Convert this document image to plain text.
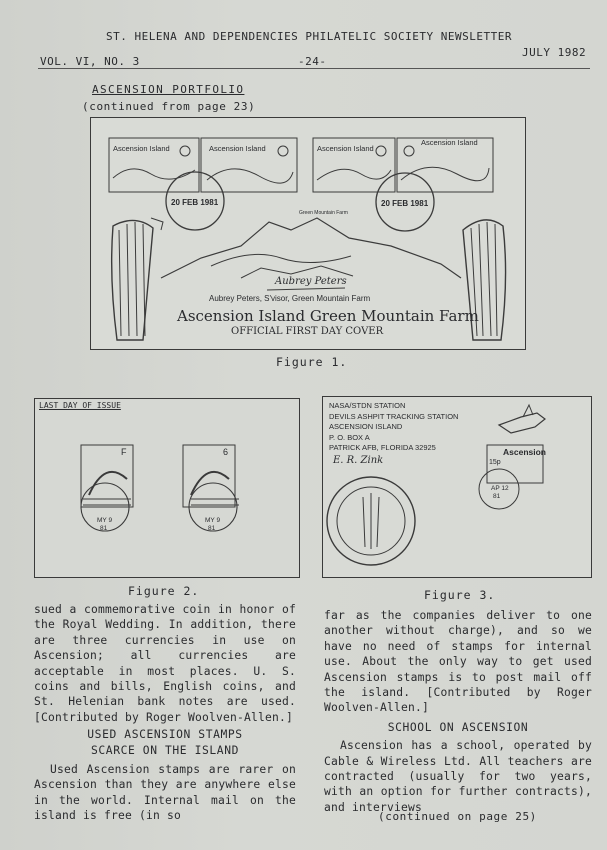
ST. HELENA AND DEPENDENCIES PHILATELIC SOCIETY NEWSLETTER
VOL. VI, NO. 3	-24-
JULY 1982
ASCENSION PORTFOLIO
(continued from page 23)
Ascension Island	Ascension Island	Ascension Island
Ascension Island
20 FEB 1981	20 FEB 1981
Green Mountain Farm
Aubrey Peters
Aubrey Peters, S'visor, Green Mountain Farm
Ascension Island Green Mountain Farm
OFFICIAL FIRST DAY COVER
Figure 1.
LAST DAY OF ISSUE
F	6
MY 9
81
MY 9
81
Figure 2.
NASA/STDN STATION
DEVILS ASHPIT TRACKING STATION
ASCENSION ISLAND
P. O. BOX A
PATRICK AFB, FLORIDA 32925
E. R. Zink
Ascension
15p
AP 12
81
Figure 3.

sued a commemorative coin in honor of the Royal Wedding. In addition, there are three currencies in use on Ascension; all currencies are acceptable in most places. U. S. coins and bills, English coins, and St. Helenian bank notes are used. [Contributed by Roger Woolven-Allen.]

USED ASCENSION STAMPS
SCARCE ON THE ISLAND

Used Ascension stamps are rarer on Ascension than they are anywhere else in the world. Internal mail on the island is free (in so

far as the companies deliver to one another without charge), and so we have no need of stamps for internal use. About the only way to get used Ascension stamps is to post mail off the island. [Contributed by Roger Woolven-Allen.]

SCHOOL ON ASCENSION

Ascension has a school, operated by Cable & Wireless Ltd. All teachers are contracted (usually for two years, with an option for further contracts), and interviews

(continued on page 25)
